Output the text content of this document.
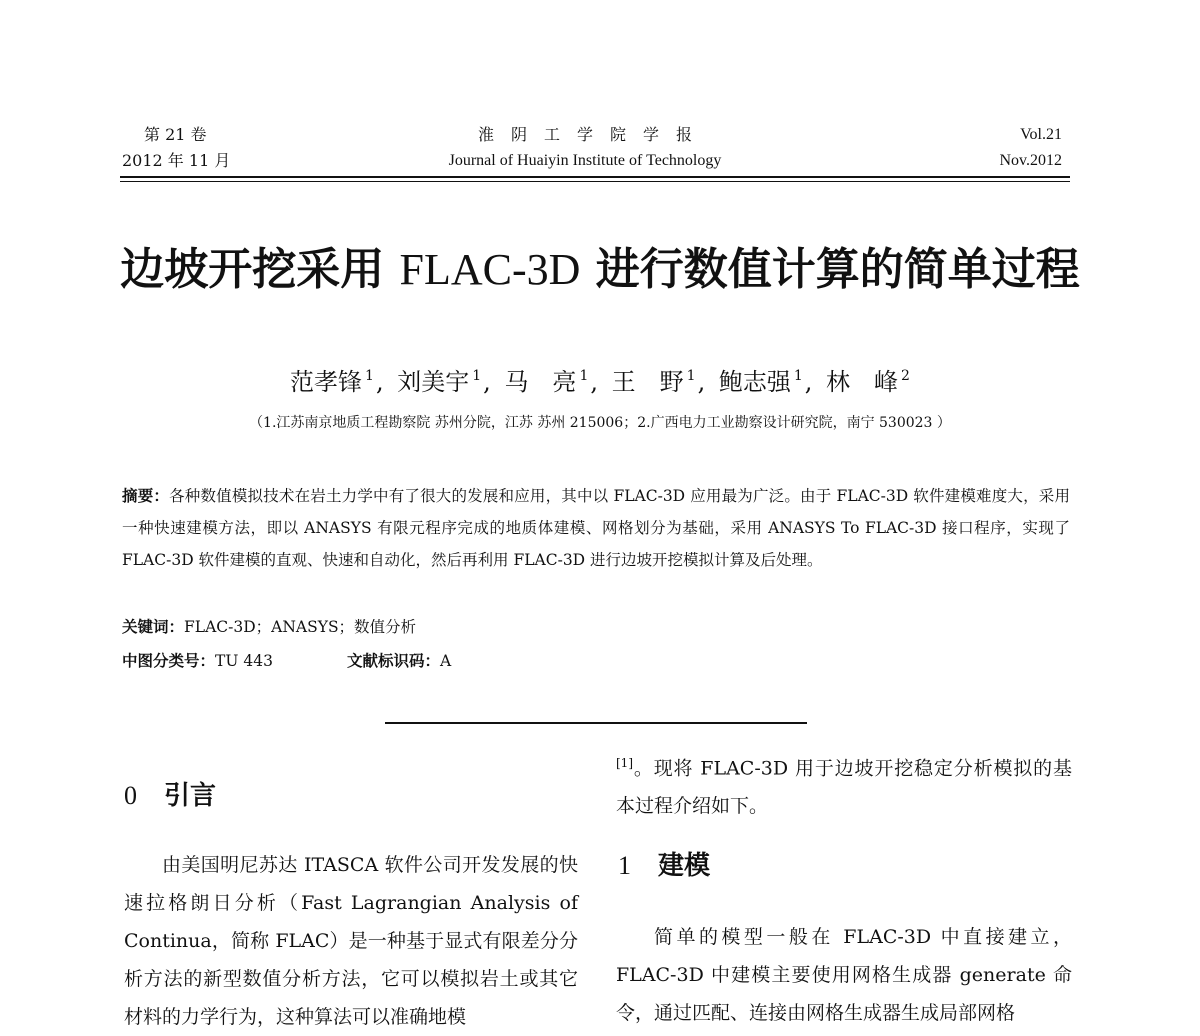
第 21 卷
2012 年 11 月
淮阴工学院学报
Journal of Huaiyin Institute of Technology
Vol.21
Nov.2012
边坡开挖采用 FLAC-3D 进行数值计算的简单过程
范孝锋 $^1$, 刘美宇 $^1$, 马　亮 $^1$, 王　野 $^1$, 鲍志强 $^1$, 林　峰 $^2$
（1.江苏南京地质工程勘察院 苏州分院，江苏 苏州 215006；2.广西电力工业勘察设计研究院，南宁 530023 ）
摘要：各种数值模拟技术在岩土力学中有了很大的发展和应用，其中以 FLAC-3D 应用最为广泛。由于 FLAC-3D 软件建模难度大，采用一种快速建模方法，即以 ANASYS 有限元程序完成的地质体建模、网格划分为基础，采用 ANASYS To FLAC-3D 接口程序，实现了 FLAC-3D 软件建模的直观、快速和自动化，然后再利用 FLAC-3D 进行边坡开挖模拟计算及后处理。
关键词：FLAC-3D；ANASYS；数值分析
中图分类号：TU 443	文献标识码：A
0 引言
由美国明尼苏达 ITASCA 软件公司开发发展的快速拉格朗日分析（Fast Lagrangian Analysis of Continua，简称 FLAC）是一种基于显式有限差分分析方法的新型数值分析方法，它可以模拟岩土或其它材料的力学行为，这种算法可以准确地模
[1]。现将 FLAC-3D 用于边坡开挖稳定分析模拟的基本过程介绍如下。
1 建模
简单的模型一般在 FLAC-3D 中直接建立，FLAC-3D 中建模主要使用网格生成器 generate 命令，通过匹配、连接由网格生成器生成局部网格
